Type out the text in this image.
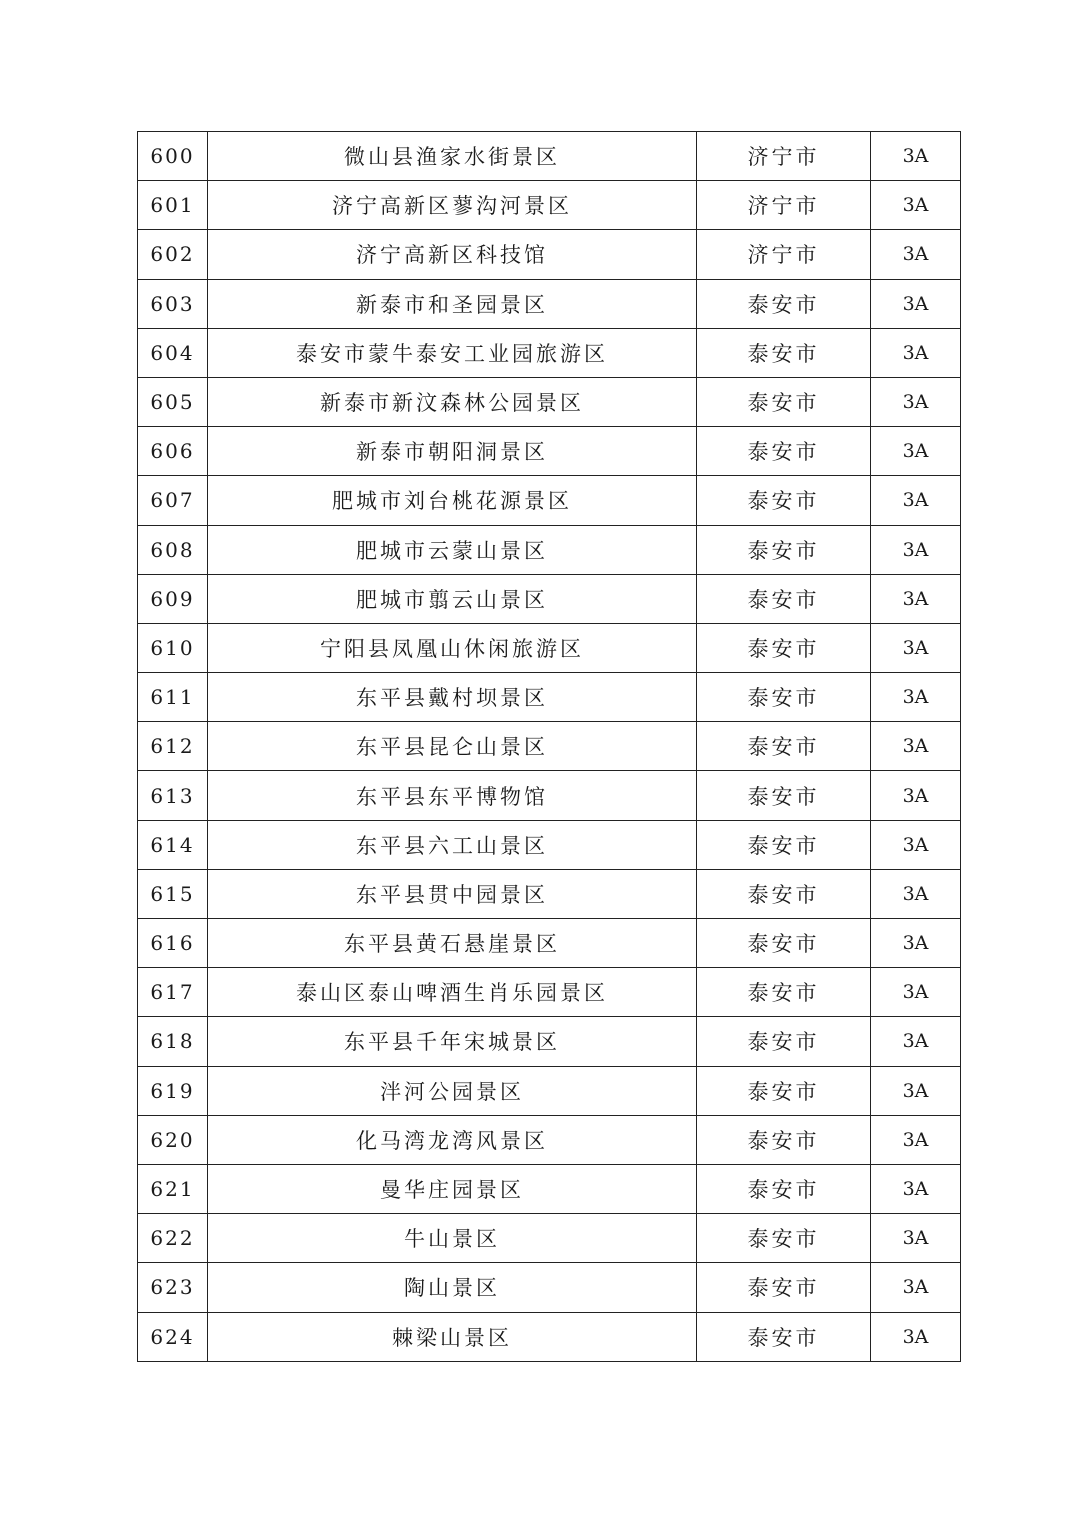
600	微山县渔家水街景区	济宁市	3A
601	济宁高新区蓼沟河景区	济宁市	3A
602	济宁高新区科技馆	济宁市	3A
603	新泰市和圣园景区	泰安市	3A
604	泰安市蒙牛泰安工业园旅游区	泰安市	3A
605	新泰市新汶森林公园景区	泰安市	3A
606	新泰市朝阳洞景区	泰安市	3A
607	肥城市刘台桃花源景区	泰安市	3A
608	肥城市云蒙山景区	泰安市	3A
609	肥城市翦云山景区	泰安市	3A
610	宁阳县凤凰山休闲旅游区	泰安市	3A
611	东平县戴村坝景区	泰安市	3A
612	东平县昆仑山景区	泰安市	3A
613	东平县东平博物馆	泰安市	3A
614	东平县六工山景区	泰安市	3A
615	东平县贯中园景区	泰安市	3A
616	东平县黄石悬崖景区	泰安市	3A
617	泰山区泰山啤酒生肖乐园景区	泰安市	3A
618	东平县千年宋城景区	泰安市	3A
619	泮河公园景区	泰安市	3A
620	化马湾龙湾风景区	泰安市	3A
621	曼华庄园景区	泰安市	3A
622	牛山景区	泰安市	3A
623	陶山景区	泰安市	3A
624	棘梁山景区	泰安市	3A
